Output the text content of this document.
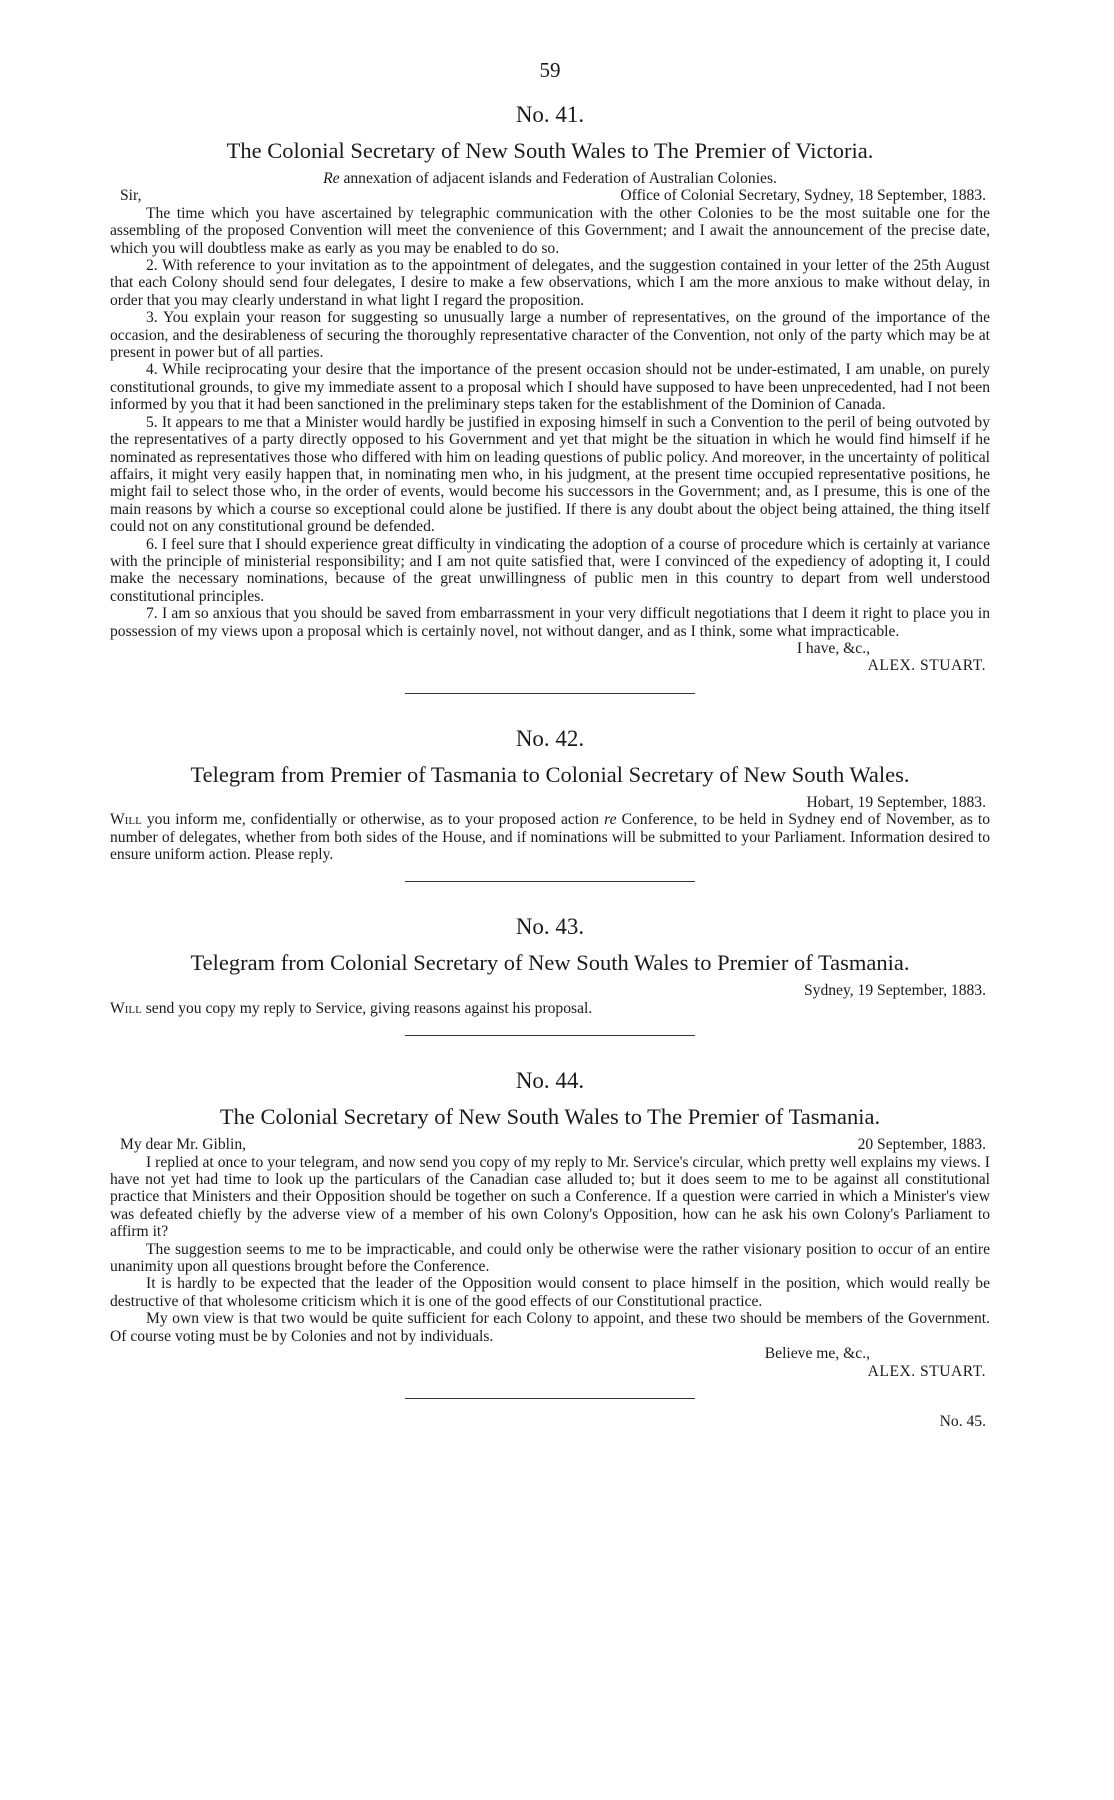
59
No. 41.
The Colonial Secretary of New South Wales to The Premier of Victoria.

Re annexation of adjacent islands and Federation of Australian Colonies.

Sir,	Office of Colonial Secretary, Sydney, 18 September, 1883.

The time which you have ascertained by telegraphic communication with the other Colonies to be the most suitable one for the assembling of the proposed Convention will meet the convenience of this Government; and I await the announcement of the precise date, which you will doubtless make as early as you may be enabled to do so.

2. With reference to your invitation as to the appointment of delegates, and the suggestion contained in your letter of the 25th August that each Colony should send four delegates, I desire to make a few observations, which I am the more anxious to make without delay, in order that you may clearly understand in what light I regard the proposition.

3. You explain your reason for suggesting so unusually large a number of representatives, on the ground of the importance of the occasion, and the desirableness of securing the thoroughly representative character of the Convention, not only of the party which may be at present in power but of all parties.

4. While reciprocating your desire that the importance of the present occasion should not be under-estimated, I am unable, on purely constitutional grounds, to give my immediate assent to a proposal which I should have supposed to have been unprecedented, had I not been informed by you that it had been sanctioned in the preliminary steps taken for the establishment of the Dominion of Canada.

5. It appears to me that a Minister would hardly be justified in exposing himself in such a Convention to the peril of being outvoted by the representatives of a party directly opposed to his Government and yet that might be the situation in which he would find himself if he nominated as representatives those who differed with him on leading questions of public policy. And moreover, in the uncertainty of political affairs, it might very easily happen that, in nominating men who, in his judgment, at the present time occupied representative positions, he might fail to select those who, in the order of events, would become his successors in the Government; and, as I presume, this is one of the main reasons by which a course so exceptional could alone be justified. If there is any doubt about the object being attained, the thing itself could not on any constitutional ground be defended.

6. I feel sure that I should experience great difficulty in vindicating the adoption of a course of procedure which is certainly at variance with the principle of ministerial responsibility; and I am not quite satisfied that, were I convinced of the expediency of adopting it, I could make the necessary nominations, because of the great unwillingness of public men in this country to depart from well understood constitutional principles.

7. I am so anxious that you should be saved from embarrassment in your very difficult negotiations that I deem it right to place you in possession of my views upon a proposal which is certainly novel, not without danger, and as I think, some what impracticable.

I have, &c.,

ALEX. STUART.

No. 42.
Telegram from Premier of Tasmania to Colonial Secretary of New South Wales.

Hobart, 19 September, 1883.

Will you inform me, confidentially or otherwise, as to your proposed action re Conference, to be held in Sydney end of November, as to number of delegates, whether from both sides of the House, and if nominations will be submitted to your Parliament. Information desired to ensure uniform action. Please reply.

No. 43.
Telegram from Colonial Secretary of New South Wales to Premier of Tasmania.

Sydney, 19 September, 1883.

Will send you copy my reply to Service, giving reasons against his proposal.

No. 44.
The Colonial Secretary of New South Wales to The Premier of Tasmania.
My dear Mr. Giblin,	20 September, 1883.

I replied at once to your telegram, and now send you copy of my reply to Mr. Service's circular, which pretty well explains my views. I have not yet had time to look up the particulars of the Canadian case alluded to; but it does seem to me to be against all constitutional practice that Ministers and their Opposition should be together on such a Conference. If a question were carried in which a Minister's view was defeated chiefly by the adverse view of a member of his own Colony's Opposition, how can he ask his own Colony's Parliament to affirm it?

The suggestion seems to me to be impracticable, and could only be otherwise were the rather visionary position to occur of an entire unanimity upon all questions brought before the Conference.

It is hardly to be expected that the leader of the Opposition would consent to place himself in the position, which would really be destructive of that wholesome criticism which it is one of the good effects of our Constitutional practice.

My own view is that two would be quite sufficient for each Colony to appoint, and these two should be members of the Government. Of course voting must be by Colonies and not by individuals.

Believe me, &c.,

ALEX. STUART.

No. 45.
